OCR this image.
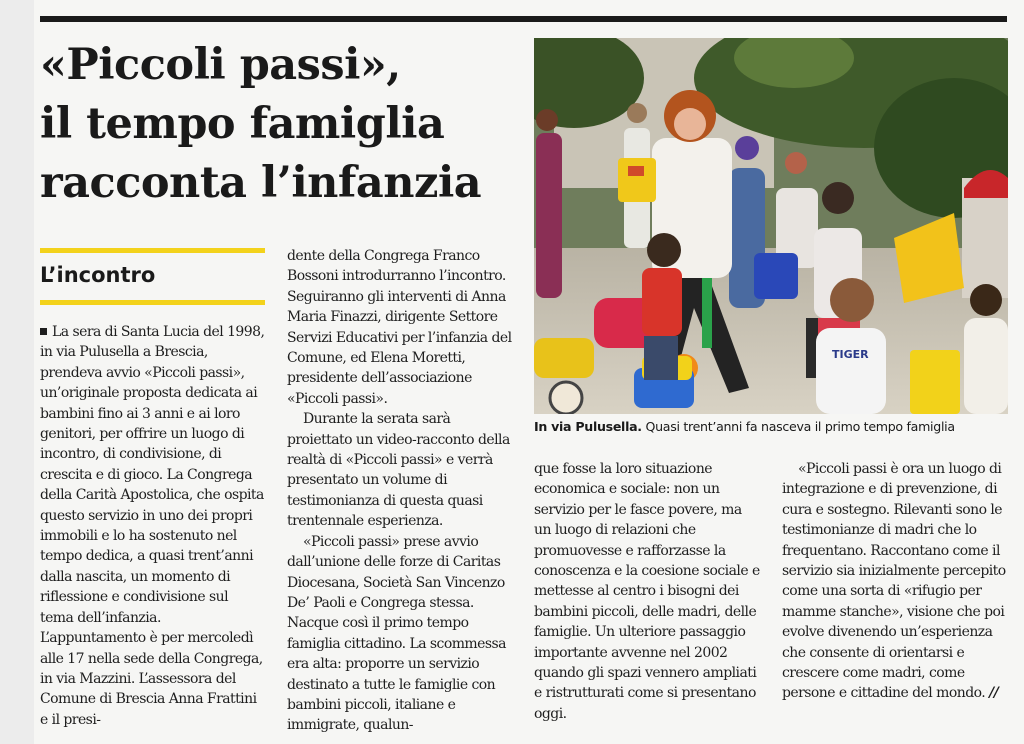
«Piccoli passi»,
il tempo famiglia
racconta l’infanzia
L’incontro

La sera di Santa Lucia del 1998, in via Pulusella a Brescia, prendeva avvio «Piccoli passi», un’originale proposta dedicata ai bambini fino ai 3 anni e ai loro genitori, per offrire un luogo di incontro, di condivisione, di crescita e di gioco. La Congrega della Carità Apostolica, che ospita questo servizio in uno dei propri immobili e lo ha sostenuto nel tempo dedica, a quasi trent’anni dalla nascita, un momento di riflessione e condivisione sul tema dell’infanzia. L’appuntamento è per mercoledì alle 17 nella sede della Congrega, in via Mazzini. L’assessora del Comune di Brescia Anna Frattini e il presi-

dente della Congrega Franco Bossoni introdurranno l’incontro. Seguiranno gli interventi di Anna Maria Finazzi, dirigente Settore Servizi Educativi per l’infanzia del Comune, ed Elena Moretti, presidente dell’associazione «Piccoli passi».

Durante la serata sarà proiettato un video-racconto della realtà di «Piccoli passi» e verrà presentato un volume di testimonianza di questa quasi trentennale esperienza.

«Piccoli passi» prese avvio dall’unione delle forze di Caritas Diocesana, Società San Vincenzo De’ Paoli e Congrega stessa. Nacque così il primo tempo famiglia cittadino. La scommessa era alta: proporre un servizio destinato a tutte le famiglie con bambini piccoli, italiane e immigrate, qualun-

que fosse la loro situazione economica e sociale: non un servizio per le fasce povere, ma un luogo di relazioni che promuovesse e rafforzasse la conoscenza e la coesione sociale e mettesse al centro i bisogni dei bambini piccoli, delle madri, delle famiglie. Un ulteriore passaggio importante avvenne nel 2002 quando gli spazi vennero ampliati e ristrutturati come si presentano oggi.

«Piccoli passi è ora un luogo di integrazione e di prevenzione, di cura e sostegno. Rilevanti sono le testimonianze di madri che lo frequentano. Raccontano come il servizio sia inizialmente percepito come una sorta di «rifugio per mamme stanche», visione che poi evolve divenendo un’esperienza che consente di orientarsi e crescere come madri, come persone e cittadine del mondo. //

TIGER

In via Pulusella. Quasi trent’anni fa nasceva il primo tempo famiglia
